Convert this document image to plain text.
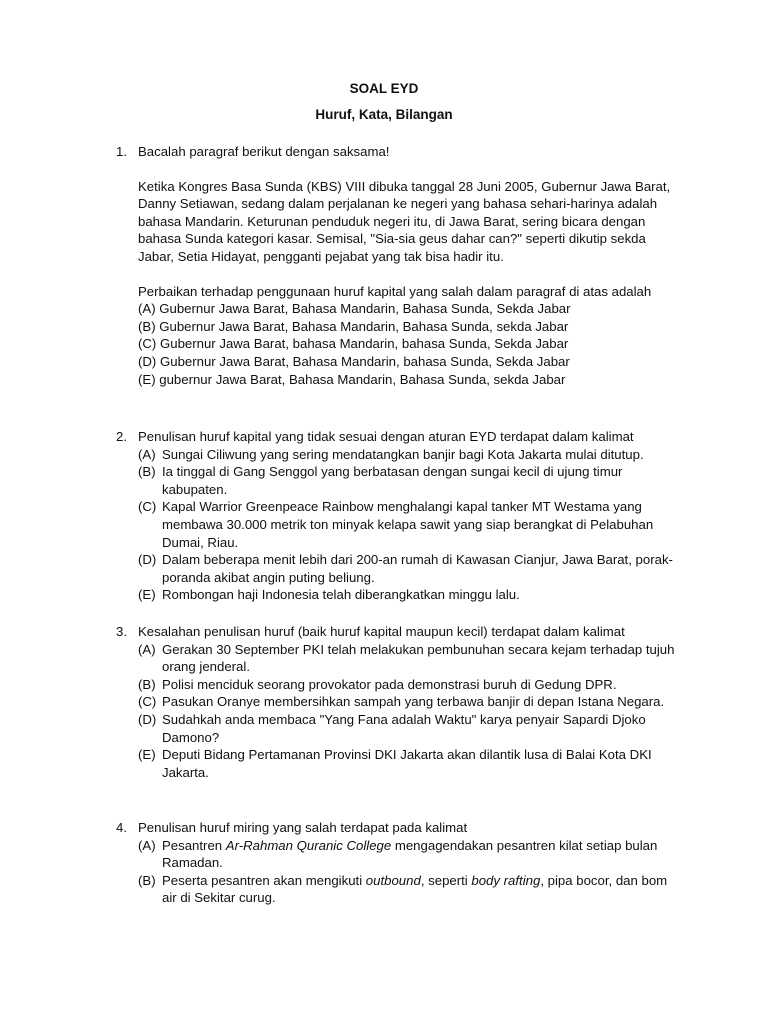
SOAL EYD
Huruf, Kata, Bilangan
1. Bacalah paragraf berikut dengan saksama!
Ketika Kongres Basa Sunda (KBS) VIII dibuka tanggal 28 Juni 2005, Gubernur Jawa Barat, Danny Setiawan, sedang dalam perjalanan ke negeri yang bahasa sehari-harinya adalah bahasa Mandarin. Keturunan penduduk negeri itu, di Jawa Barat, sering bicara dengan bahasa Sunda kategori kasar. Semisal, "Sia-sia geus dahar can?" seperti dikutip sekda Jabar, Setia Hidayat, pengganti pejabat yang tak bisa hadir itu.
Perbaikan terhadap penggunaan huruf kapital yang salah dalam paragraf di atas adalah
(A) Gubernur Jawa Barat, Bahasa Mandarin, Bahasa Sunda, Sekda Jabar
(B) Gubernur Jawa Barat, Bahasa Mandarin, Bahasa Sunda, sekda Jabar
(C) Gubernur Jawa Barat, bahasa Mandarin, bahasa Sunda, Sekda Jabar
(D) Gubernur Jawa Barat, Bahasa Mandarin, bahasa Sunda, Sekda Jabar
(E) gubernur Jawa Barat, Bahasa Mandarin, Bahasa Sunda, sekda Jabar
2. Penulisan huruf kapital yang tidak sesuai dengan aturan EYD terdapat dalam kalimat
(A) Sungai Ciliwung yang sering mendatangkan banjir bagi Kota Jakarta mulai ditutup.
(B) Ia tinggal di Gang Senggol yang berbatasan dengan sungai kecil di ujung timur kabupaten.
(C) Kapal Warrior Greenpeace Rainbow menghalangi kapal tanker MT Westama yang membawa 30.000 metrik ton minyak kelapa sawit yang siap berangkat di Pelabuhan Dumai, Riau.
(D) Dalam beberapa menit lebih dari 200-an rumah di Kawasan Cianjur, Jawa Barat, porak-poranda akibat angin puting beliung.
(E) Rombongan haji Indonesia telah diberangkatkan minggu lalu.
3. Kesalahan penulisan huruf (baik huruf kapital maupun kecil) terdapat dalam kalimat
(A) Gerakan 30 September PKI telah melakukan pembunuhan secara kejam terhadap tujuh orang jenderal.
(B) Polisi menciduk seorang provokator pada demonstrasi buruh di Gedung DPR.
(C) Pasukan Oranye membersihkan sampah yang terbawa banjir di depan Istana Negara.
(D) Sudahkah anda membaca "Yang Fana adalah Waktu" karya penyair Sapardi Djoko Damono?
(E) Deputi Bidang Pertamanan Provinsi DKI Jakarta akan dilantik lusa di Balai Kota DKI Jakarta.
4. Penulisan huruf miring yang salah terdapat pada kalimat
(A) Pesantren Ar-Rahman Quranic College mengagendakan pesantren kilat setiap bulan Ramadan.
(B) Peserta pesantren akan mengikuti outbound, seperti body rafting, pipa bocor, dan bom air di Sekitar curug.
